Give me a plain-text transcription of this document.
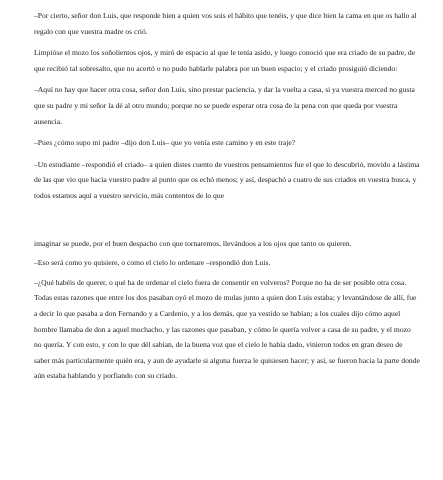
–Por cierto, señor don Luis, que responde bien a quien vos sois el hábito que tenéis, y que dice bien la cama en que os hallo al regalo con que vuestra madre os crió.

Limpióse el mozo los soñolientos ojos, y miró de espacio al que le tenía asido, y luego conoció que era criado de su padre, de que recibió tal sobresalto, que no acertó o no pudo hablarle palabra por un buen espacio; y el criado prosiguió diciendo:

–Aquí no hay que hacer otra cosa, señor don Luis, sino prestar paciencia, y dar la vuelta a casa, si ya vuestra merced no gusta que su padre y mi señor la dé al otro mundo; porque no se puede esperar otra cosa de la pena con que queda por vuestra ausencia.

–Pues ¿cómo supo mi padre –dijo don Luis– que yo venía este camino y en este traje?

–Un estudiante –respondió el criado– a quien distes cuento de vuestros pensamientos fue el que lo descubrió, movido a lástima de las que vio que hacía vuestro padre al punto que os echó menos; y así, despachó a cuatro de sus criados en vuestra busca, y todos estamos aquí a vuestro servicio, más contentos de lo que

imaginar se puede, por el buen despacho con que tornaremos, llevándoos a los ojos que tanto os quieren.

–Eso será como yo quisiere, o como el cielo lo ordenare –respondió don Luis.

–¿Qué habéis de querer, o qué ha de ordenar el cielo fuera de consentir en volveros? Porque no ha de ser posible otra cosa. Todas estas razones que entre los dos pasaban oyó el mozo de mulas junto a quien don Luis estaba; y levantándose de allí, fue a decir lo que pasaba a don Fernando y a Cardenio, y a los demás, que ya vestido se habían; a los cuales dijo cómo aquel hombre llamaba de don a aquel muchacho, y las razones que pasaban, y cómo le quería volver a casa de su padre, y el mozo no quería. Y con esto, y con lo que dél sabían, de la buena voz que el cielo le había dado, vinieron todos en gran deseo de saber más particularmente quién era, y aun de ayudarle si alguna fuerza le quisiesen hacer; y así, se fueron hacia la parte donde aún estaba hablando y porfiando con su criado.
